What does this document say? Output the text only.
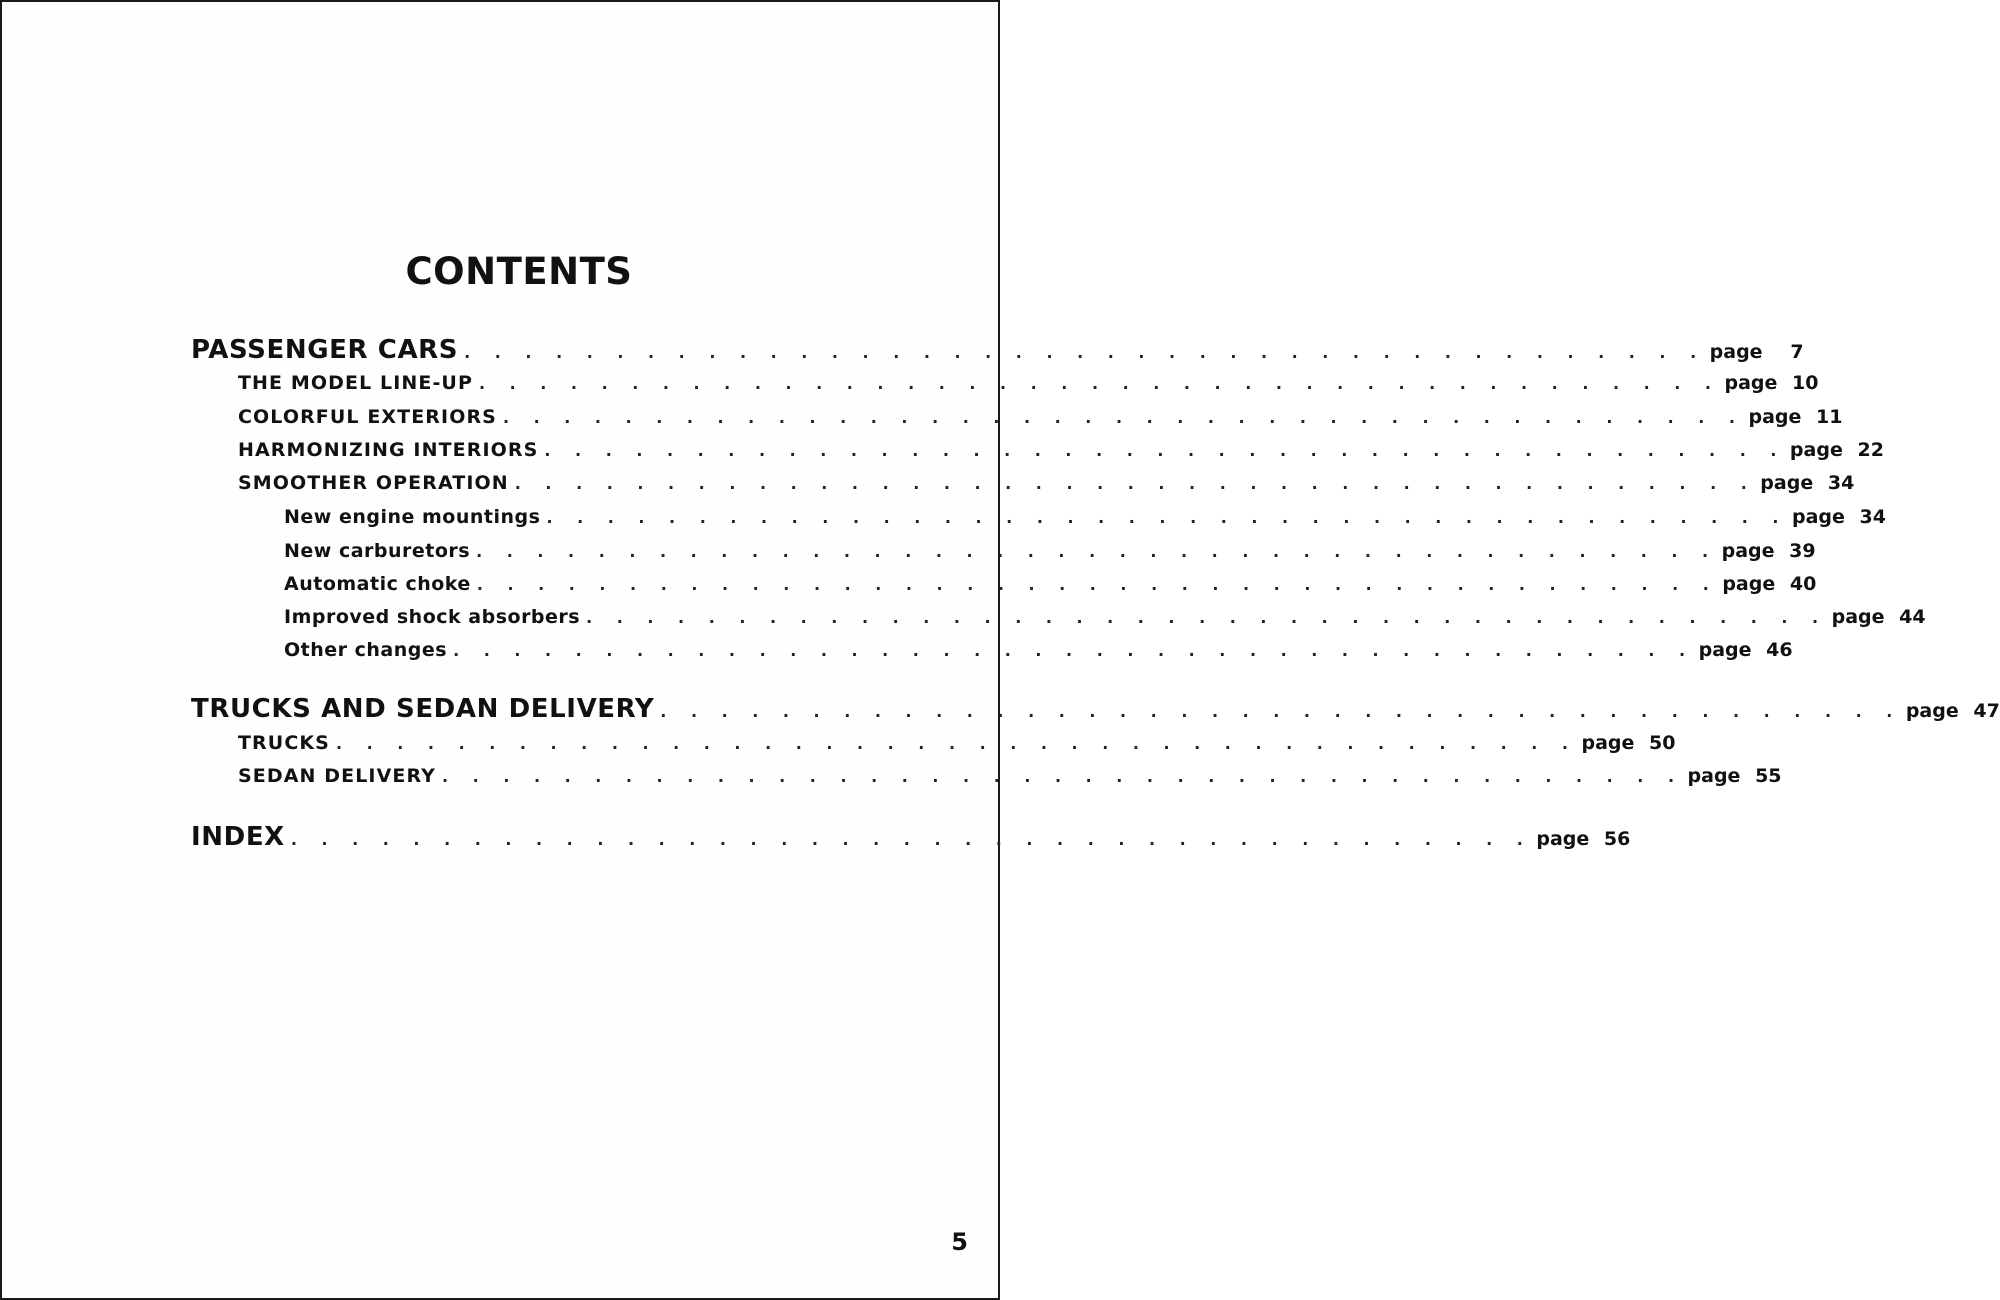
CONTENTS
PASSENGER CARS . . . . . . . . . . . . . . . . . . . . . . . . . . . . . . . . . . . . . . . . . page	7
THE MODEL LINE-UP . . . . . . . . . . . . . . . . . . . . . . . . . . . . . . . . . . . . . . . . . page 10
COLORFUL EXTERIORS . . . . . . . . . . . . . . . . . . . . . . . . . . . . . . . . . . . . . . . . . page 11
HARMONIZING INTERIORS . . . . . . . . . . . . . . . . . . . . . . . . . . . . . . . . . . . . . . . . . page 22
SMOOTHER OPERATION . . . . . . . . . . . . . . . . . . . . . . . . . . . . . . . . . . . . . . . . . page 34
New engine mountings . . . . . . . . . . . . . . . . . . . . . . . . . . . . . . . . . . . . . . . . . page 34
New carburetors . . . . . . . . . . . . . . . . . . . . . . . . . . . . . . . . . . . . . . . . . page 39
Automatic choke . . . . . . . . . . . . . . . . . . . . . . . . . . . . . . . . . . . . . . . . . page 40
Improved shock absorbers . . . . . . . . . . . . . . . . . . . . . . . . . . . . . . . . . . . . . . . . . page 44
Other changes . . . . . . . . . . . . . . . . . . . . . . . . . . . . . . . . . . . . . . . . . page 46
TRUCKS AND SEDAN DELIVERY . . . . . . . . . . . . . . . . . . . . . . . . . . . . . . . . . . . . . . . . . page 47
TRUCKS . . . . . . . . . . . . . . . . . . . . . . . . . . . . . . . . . . . . . . . . . page 50
SEDAN DELIVERY . . . . . . . . . . . . . . . . . . . . . . . . . . . . . . . . . . . . . . . . . page 55
INDEX . . . . . . . . . . . . . . . . . . . . . . . . . . . . . . . . . . . . . . . . . page 56
5
